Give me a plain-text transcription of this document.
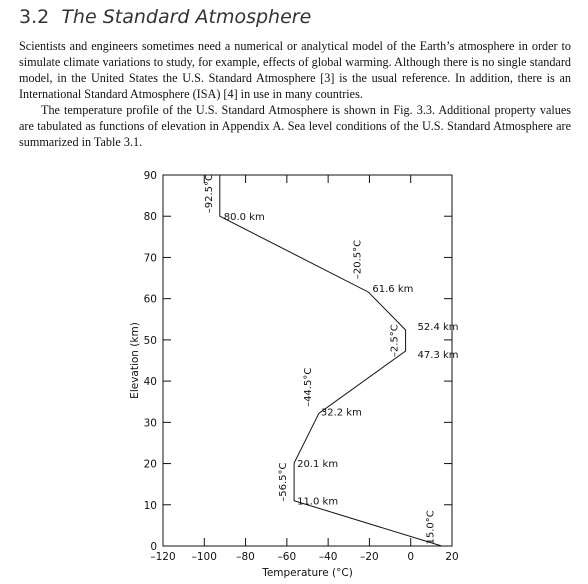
3.2 The Standard Atmosphere

Scientists and engineers sometimes need a numerical or analytical model of the Earth’s atmosphere in order to simulate climate variations to study, for example, effects of global warming. Although there is no single standard model, in the United States the U.S. Standard Atmosphere [3] is the usual reference. In addition, there is an International Standard Atmosphere (ISA) [4] in use in many countries.

The temperature profile of the U.S. Standard Atmosphere is shown in Fig. 3.3. Additional property values are tabulated as functions of elevation in Appendix A. Sea level conditions of the U.S. Standard Atmosphere are summarized in Table 3.1.

–120 –100 –80 –60 –40 –20	0	20
0
10
20
30
40
50
60
70
80
90
Temperature (°C)
Elevation (km)
80.0 km
61.6 km
52.4 km
47.3 km
32.2 km
20.1 km
11.0 km
–92.5°C
–20.5°C
–2.5°C
–44.5°C
–56.5°C
15.0°C
